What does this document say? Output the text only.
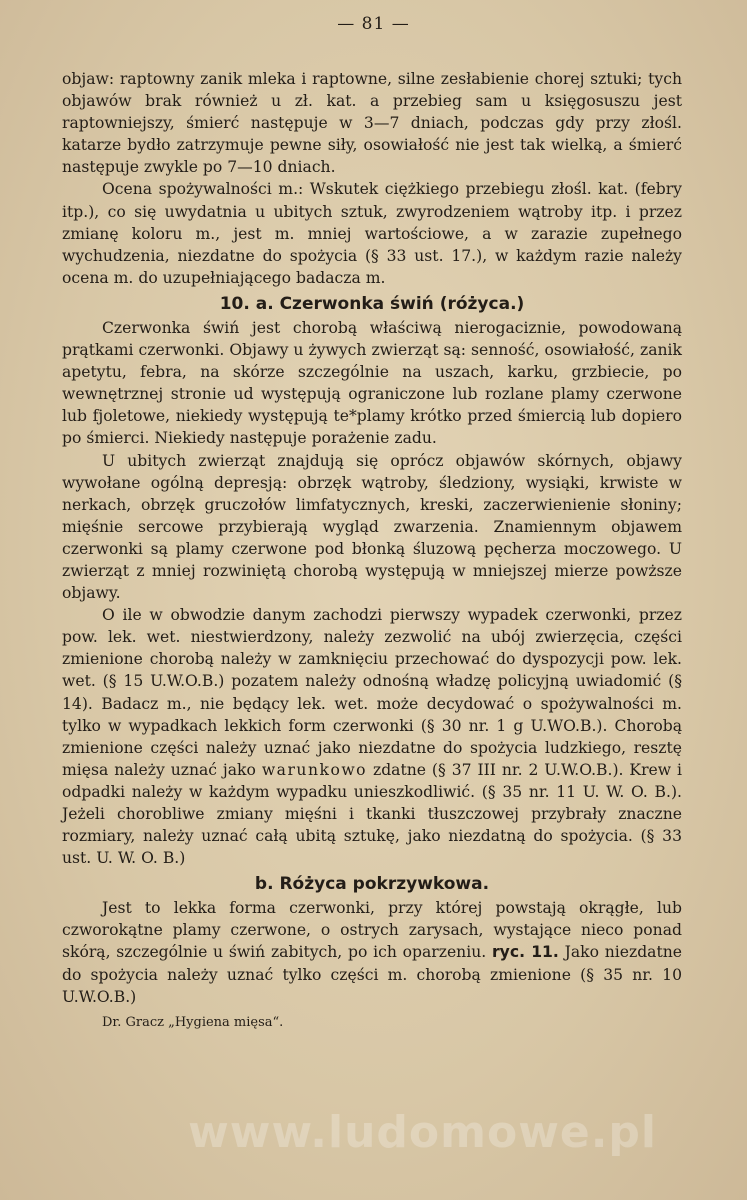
— 81 —

objaw: raptowny zanik mleka i raptowne, silne zesłabienie chorej sztuki; tych objawów brak również u zł. kat. a przebieg sam u księgosuszu jest raptowniejszy, śmierć następuje w 3—7 dniach, podczas gdy przy złośl. katarze bydło zatrzymuje pewne siły, osowiałość nie jest tak wielką, a śmierć następuje zwykle po 7—10 dniach.

Ocena spożywalności m.: Wskutek ciężkiego przebiegu złośl. kat. (febry itp.), co się uwydatnia u ubitych sztuk, zwyrodzeniem wątroby itp. i przez zmianę koloru m., jest m. mniej wartościowe, a w zarazie zupełnego wychudzenia, niezdatne do spożycia (§ 33 ust. 17.), w każdym razie należy ocena m. do uzupełniającego badacza m.

10. a. Czerwonka świń (różyca.)

Czerwonka świń jest chorobą właściwą nierogaciznie, powodowaną prątkami czerwonki. Objawy u żywych zwierząt są: senność, osowiałość, zanik apetytu, febra, na skórze szczególnie na uszach, karku, grzbiecie, po wewnętrznej stronie ud występują ograniczone lub rozlane plamy czerwone lub fjoletowe, niekiedy występują te*plamy krótko przed śmiercią lub dopiero po śmierci. Niekiedy następuje porażenie zadu.

U ubitych zwierząt znajdują się oprócz objawów skórnych, objawy wywołane ogólną depresją: obrzęk wątroby, śledziony, wysiąki, krwiste w nerkach, obrzęk gruczołów limfatycznych, kreski, zaczerwienienie słoniny; mięśnie sercowe przybierają wygląd zwarzenia. Znamiennym objawem czerwonki są plamy czerwone pod błonką śluzową pęcherza moczowego. U zwierząt z mniej rozwiniętą chorobą występują w mniejszej mierze powższe objawy.

O ile w obwodzie danym zachodzi pierwszy wypadek czerwonki, przez pow. lek. wet. niestwierdzony, należy zezwolić na ubój zwierzęcia, części zmienione chorobą należy w zamknięciu przechować do dyspozycji pow. lek. wet. (§ 15 U.W.O.B.) pozatem należy odnośną władzę policyjną uwiadomić (§ 14). Badacz m., nie będący lek. wet. może decydować o spożywalności m. tylko w wypadkach lekkich form czerwonki (§ 30 nr. 1 g U.WO.B.). Chorobą zmienione części należy uznać jako niezdatne do spożycia ludzkiego, resztę mięsa należy uznać jako warunkowo zdatne (§ 37 III nr. 2 U.W.O.B.). Krew i odpadki należy w każdym wypadku unieszkodliwić. (§ 35 nr. 11 U. W. O. B.). Jeżeli chorobliwe zmiany mięśni i tkanki tłuszczowej przybrały znaczne rozmiary, należy uznać całą ubitą sztukę, jako niezdatną do spożycia. (§ 33 ust. U. W. O. B.)

b. Różyca pokrzywkowa.

Jest to lekka forma czerwonki, przy której powstają okrągłe, lub czworokątne plamy czerwone, o ostrych zarysach, wystające nieco ponad skórą, szczególnie u świń zabitych, po ich oparzeniu. ryc. 11. Jako niezdatne do spożycia należy uznać tylko części m. chorobą zmienione (§ 35 nr. 10 U.W.O.B.)

Dr. Gracz „Hygiena mięsa“.
www.ludomowe.pl
